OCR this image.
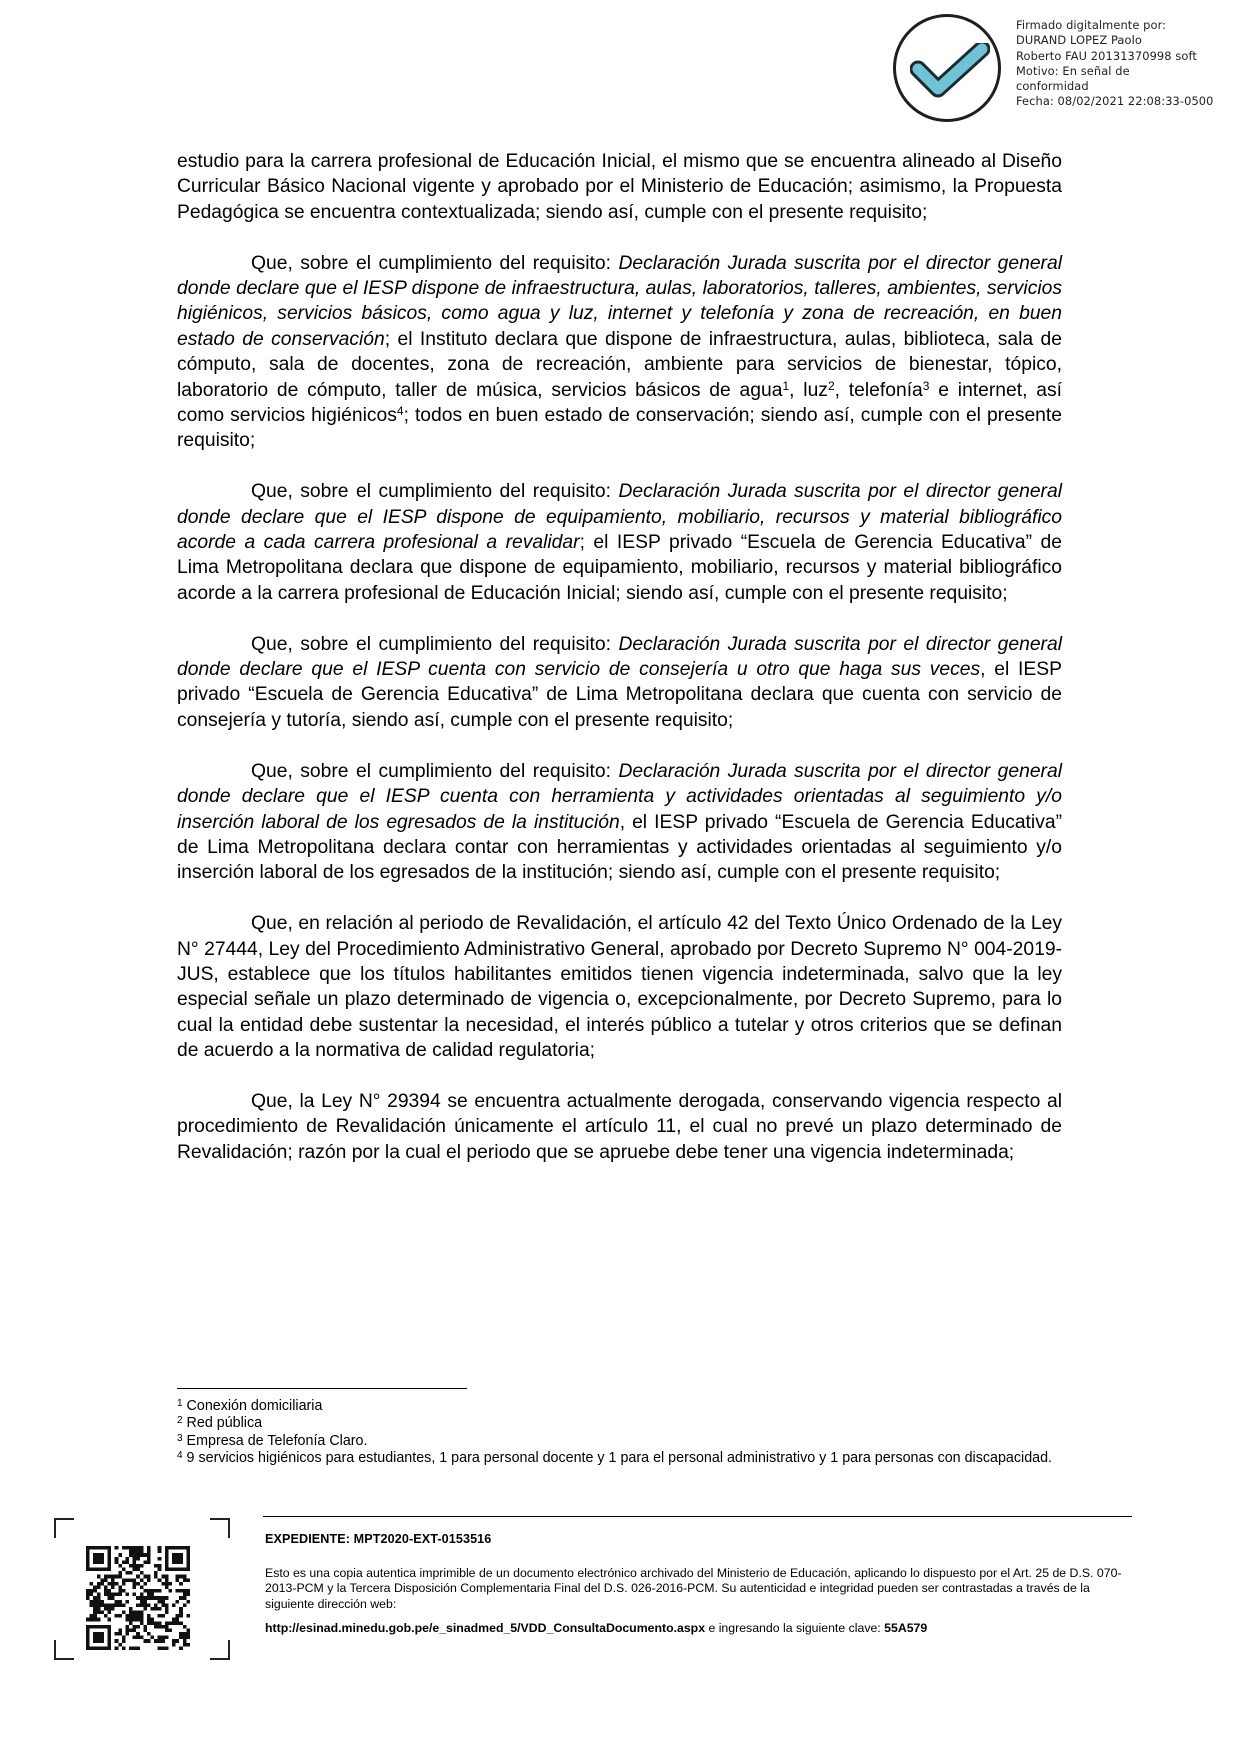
Firmado digitalmente por:
DURAND LOPEZ Paolo
Roberto FAU 20131370998 soft
Motivo: En señal de
conformidad
Fecha: 08/02/2021 22:08:33-0500

estudio para la carrera profesional de Educación Inicial, el mismo que se encuentra alineado al Diseño Curricular Básico Nacional vigente y aprobado por el Ministerio de Educación; asimismo, la Propuesta Pedagógica se encuentra contextualizada; siendo así, cumple con el presente requisito;

Que, sobre el cumplimiento del requisito: Declaración Jurada suscrita por el director general donde declare que el IESP dispone de infraestructura, aulas, laboratorios, talleres, ambientes, servicios higiénicos, servicios básicos, como agua y luz, internet y telefonía y zona de recreación, en buen estado de conservación; el Instituto declara que dispone de infraestructura, aulas, biblioteca, sala de cómputo, sala de docentes, zona de recreación, ambiente para servicios de bienestar, tópico, laboratorio de cómputo, taller de música, servicios básicos de agua$^1$, luz$^2$, telefonía$^3$ e internet, así como servicios higiénicos$^4$; todos en buen estado de conservación; siendo así, cumple con el presente requisito;

Que, sobre el cumplimiento del requisito: Declaración Jurada suscrita por el director general donde declare que el IESP dispone de equipamiento, mobiliario, recursos y material bibliográfico acorde a cada carrera profesional a revalidar; el IESP privado “Escuela de Gerencia Educativa” de Lima Metropolitana declara que dispone de equipamiento, mobiliario, recursos y material bibliográfico acorde a la carrera profesional de Educación Inicial; siendo así, cumple con el presente requisito;

Que, sobre el cumplimiento del requisito: Declaración Jurada suscrita por el director general donde declare que el IESP cuenta con servicio de consejería u otro que haga sus veces, el IESP privado “Escuela de Gerencia Educativa” de Lima Metropolitana declara que cuenta con servicio de consejería y tutoría, siendo así, cumple con el presente requisito;

Que, sobre el cumplimiento del requisito: Declaración Jurada suscrita por el director general donde declare que el IESP cuenta con herramienta y actividades orientadas al seguimiento y/o inserción laboral de los egresados de la institución, el IESP privado “Escuela de Gerencia Educativa” de Lima Metropolitana declara contar con herramientas y actividades orientadas al seguimiento y/o inserción laboral de los egresados de la institución; siendo así, cumple con el presente requisito;

Que, en relación al periodo de Revalidación, el artículo 42 del Texto Único Ordenado de la Ley N° 27444, Ley del Procedimiento Administrativo General, aprobado por Decreto Supremo N° 004-2019-JUS, establece que los títulos habilitantes emitidos tienen vigencia indeterminada, salvo que la ley especial señale un plazo determinado de vigencia o, excepcionalmente, por Decreto Supremo, para lo cual la entidad debe sustentar la necesidad, el interés público a tutelar y otros criterios que se definan de acuerdo a la normativa de calidad regulatoria;

Que, la Ley N° 29394 se encuentra actualmente derogada, conservando vigencia respecto al procedimiento de Revalidación únicamente el artículo 11, el cual no prevé un plazo determinado de Revalidación; razón por la cual el periodo que se apruebe debe tener una vigencia indeterminada;

$^1$ Conexión domiciliaria
$^2$ Red pública
$^3$ Empresa de Telefonía Claro.
$^4$ 9 servicios higiénicos para estudiantes, 1 para personal docente y 1 para el personal administrativo y 1 para personas con discapacidad.
EXPEDIENTE: MPT2020-EXT-0153516
Esto es una copia autentica imprimible de un documento electrónico archivado del Ministerio de Educación, aplicando lo dispuesto por el Art. 25 de D.S. 070-2013-PCM y la Tercera Disposición Complementaria Final del D.S. 026-2016-PCM. Su autenticidad e integridad pueden ser contrastadas a través de la siguiente dirección web:
http://esinad.minedu.gob.pe/e_sinadmed_5/VDD_ConsultaDocumento.aspx e ingresando la siguiente clave: 55A579
